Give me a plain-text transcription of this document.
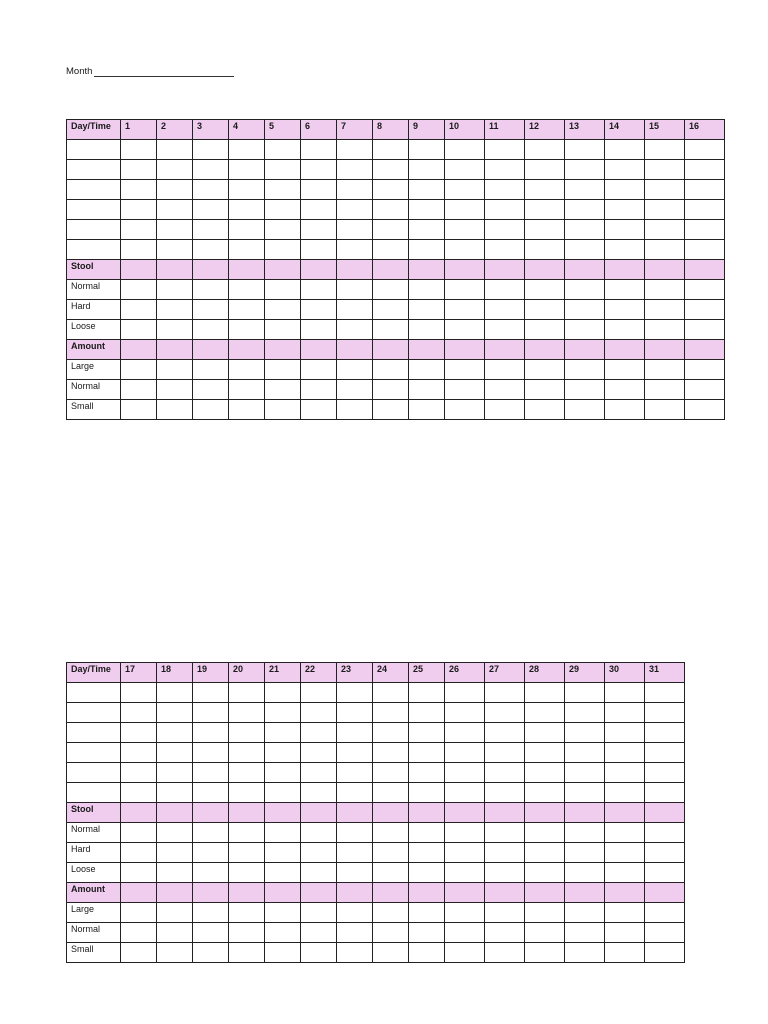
Month
Day/Time	1	2	3	4	5	6	7	8	9	10	11	12	13	14	15	16

Stool																
Normal																
Hard																
Loose																
Amount																
Large																
Normal																
Small																
Day/Time	17	18	19	20	21	22	23	24	25	26	27	28	29	30	31

Stool															
Normal															
Hard															
Loose															
Amount															
Large															
Normal															
Small															
